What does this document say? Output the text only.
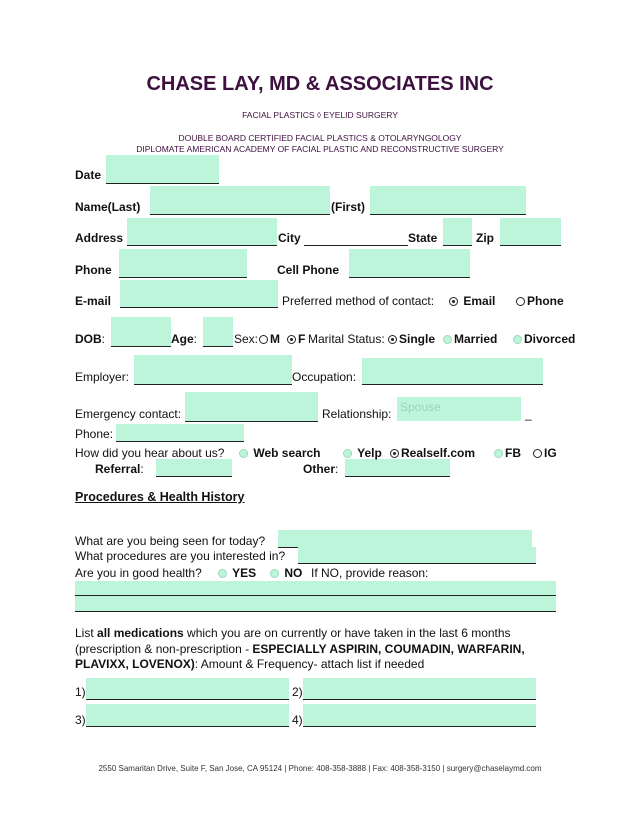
CHASE LAY, MD & ASSOCIATES INC
FACIAL PLASTICS ◊ EYELID SURGERY
DOUBLE BOARD CERTIFIED FACIAL PLASTICS & OTOLARYNGOLOGY
DIPLOMATE AMERICAN ACADEMY OF FACIAL PLASTIC AND RECONSTRUCTIVE SURGERY
Date
Name(Last)	(First)
Address	City	State	Zip
Phone	Cell Phone
E-mail	Preferred method of contact:	Email	Phone
DOB:	Age:	Sex: M	F Marital Status:	Single	Married	Divorced
Employer:	Occupation:
Emergency contact:	Relationship: Spouse	_
Phone:
How did you hear about us?	Web search	Yelp	Realself.com	FB	IG
Referral:	Other:
Procedures & Health History
What are you being seen for today?
What procedures are you interested in?
Are you in good health?	YES	NO If NO, provide reason:
List all medications which you are on currently or have taken in the last 6 months
(prescription & non-prescription - ESPECIALLY ASPIRIN, COUMADIN, WARFARIN,
PLAVIXX, LOVENOX): Amount & Frequency- attach list if needed
1)	2)
3)	4)
2550 Samaritan Drive, Suite F, San Jose, CA 95124 | Phone: 408-358-3888 | Fax: 408-358-3150 | surgery@chaselaymd.com
